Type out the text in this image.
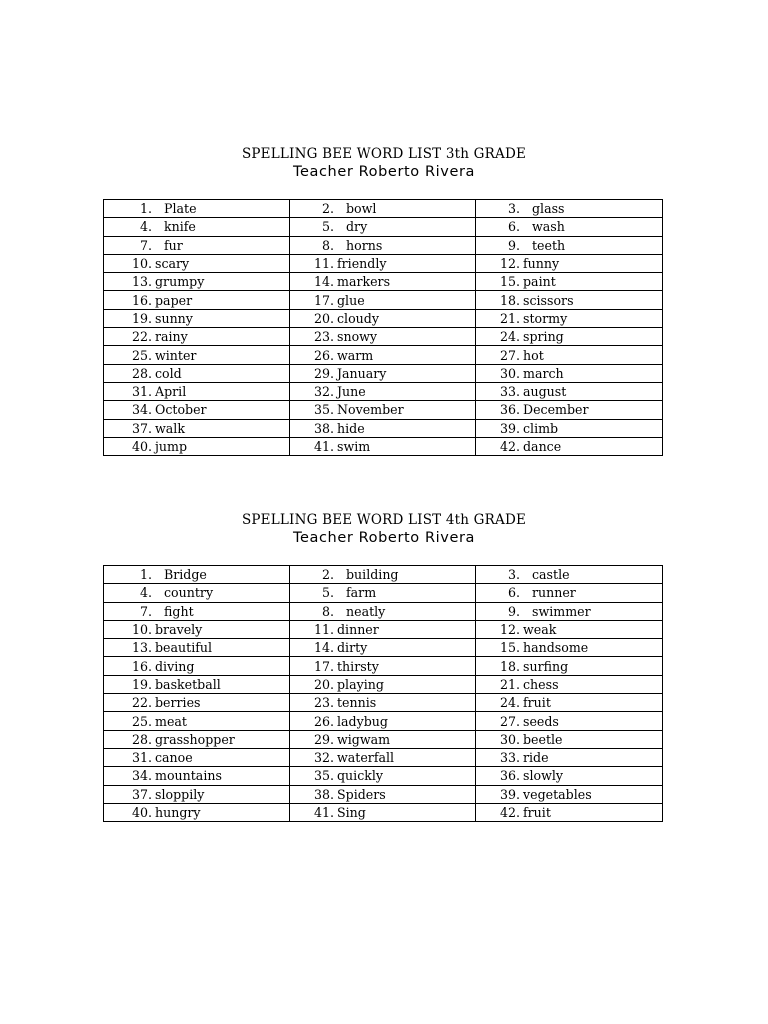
SPELLING BEE WORD LIST 3th GRADE
Teacher Roberto Rivera
1. Plate	2. bowl	3. glass
4. knife	5. dry	6. wash
7. fur	8. horns	9. teeth
10. scary	11. friendly	12. funny
13. grumpy	14. markers	15. paint
16. paper	17. glue	18. scissors
19. sunny	20. cloudy	21. stormy
22. rainy	23. snowy	24. spring
25. winter	26. warm	27. hot
28. cold	29. January	30. march
31. April	32. June	33. august
34. October	35. November	36. December
37. walk	38. hide	39. climb
40. jump	41. swim	42. dance
SPELLING BEE WORD LIST 4th GRADE
Teacher Roberto Rivera
1. Bridge	2. building	3. castle
4. country	5. farm	6. runner
7. fight	8. neatly	9. swimmer
10. bravely	11. dinner	12. weak
13. beautiful	14. dirty	15. handsome
16. diving	17. thirsty	18. surfing
19. basketball	20. playing	21. chess
22. berries	23. tennis	24. fruit
25. meat	26. ladybug	27. seeds
28. grasshopper	29. wigwam	30. beetle
31. canoe	32. waterfall	33. ride
34. mountains	35. quickly	36. slowly
37. sloppily	38. Spiders	39. vegetables
40. hungry	41. Sing	42. fruit
